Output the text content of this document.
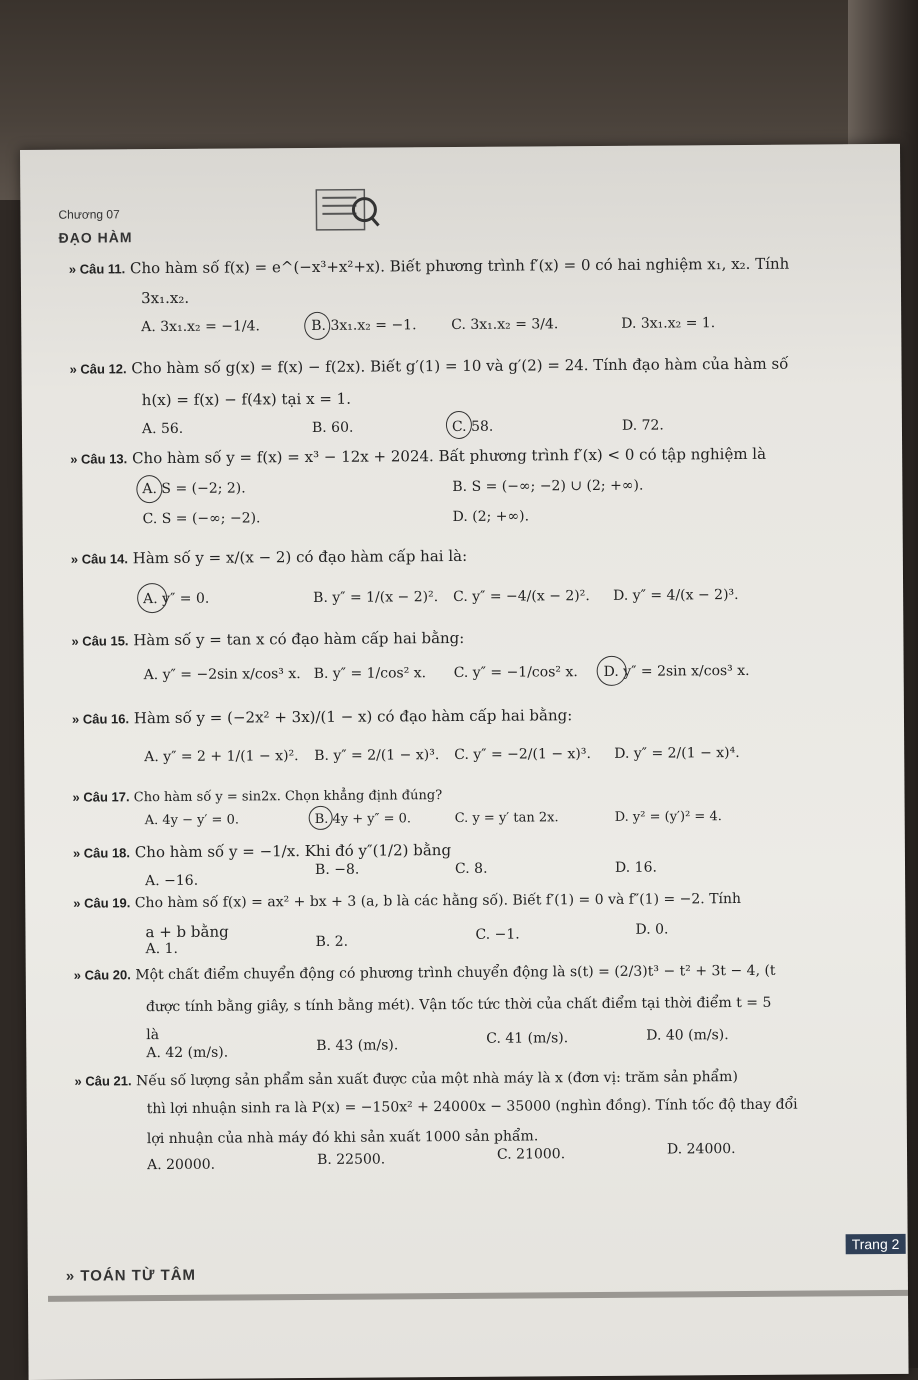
Chương 07
ĐẠO HÀM
» Câu 11. Cho hàm số f(x) = e^(−x³+x²+x). Biết phương trình f′(x) = 0 có hai nghiệm x₁, x₂. Tính
3x₁.x₂.
A. 3x₁.x₂ = −1/4.	B. 3x₁.x₂ = −1. C. 3x₁.x₂ = 3/4.	D. 3x₁.x₂ = 1.
» Câu 12. Cho hàm số g(x) = f(x) − f(2x). Biết g′(1) = 10 và g′(2) = 24. Tính đạo hàm của hàm số
h(x) = f(x) − f(4x) tại x = 1.
A. 56.	B. 60.	C. 58.	D. 72.
» Câu 13. Cho hàm số y = f(x) = x³ − 12x + 2024. Bất phương trình f′(x) < 0 có tập nghiệm là
A. S = (−2; 2).	B. S = (−∞; −2) ∪ (2; +∞).
C. S = (−∞; −2).	D. (2; +∞).
» Câu 14. Hàm số y = x/(x − 2) có đạo hàm cấp hai là:
A. y″ = 0.	B. y″ = 1/(x − 2)². C. y″ = −4/(x − 2)². D. y″ = 4/(x − 2)³.
» Câu 15. Hàm số y = tan x có đạo hàm cấp hai bằng:
A. y″ = −2sin x/cos³ x. B. y″ = 1/cos² x. C. y″ = −1/cos² x. D. y″ = 2sin x/cos³ x.
» Câu 16. Hàm số y = (−2x² + 3x)/(1 − x) có đạo hàm cấp hai bằng:
A. y″ = 2 + 1/(1 − x)². B. y″ = 2/(1 − x)³. C. y″ = −2/(1 − x)³. D. y″ = 2/(1 − x)⁴.
» Câu 17. Cho hàm số y = sin2x. Chọn khẳng định đúng?
A. 4y − y′ = 0.	B. 4y + y″ = 0.	C. y = y′ tan 2x.	D. y² = (y′)² = 4.
» Câu 18. Cho hàm số y = −1/x. Khi đó y″(1/2) bằng
A. −16.
B. −8.	C. 8.	D. 16.
» Câu 19. Cho hàm số f(x) = ax² + bx + 3 (a, b là các hằng số). Biết f′(1) = 0 và f″(1) = −2. Tính
a + b bằng
A. 1.	B. 2.	C. −1.	D. 0.
» Câu 20. Một chất điểm chuyển động có phương trình chuyển động là s(t) = (2/3)t³ − t² + 3t − 4, (t
được tính bằng giây, s tính bằng mét). Vận tốc tức thời của chất điểm tại thời điểm t = 5
là
A. 42 (m/s).	B. 43 (m/s).	C. 41 (m/s).	D. 40 (m/s).
» Câu 21. Nếu số lượng sản phẩm sản xuất được của một nhà máy là x (đơn vị: trăm sản phẩm)
thì lợi nhuận sinh ra là P(x) = −150x² + 24000x − 35000 (nghìn đồng). Tính tốc độ thay đổi
lợi nhuận của nhà máy đó khi sản xuất 1000 sản phẩm.
A. 20000.	B. 22500.	C. 21000.	D. 24000.
Trang 2
» TOÁN TỪ TÂM
